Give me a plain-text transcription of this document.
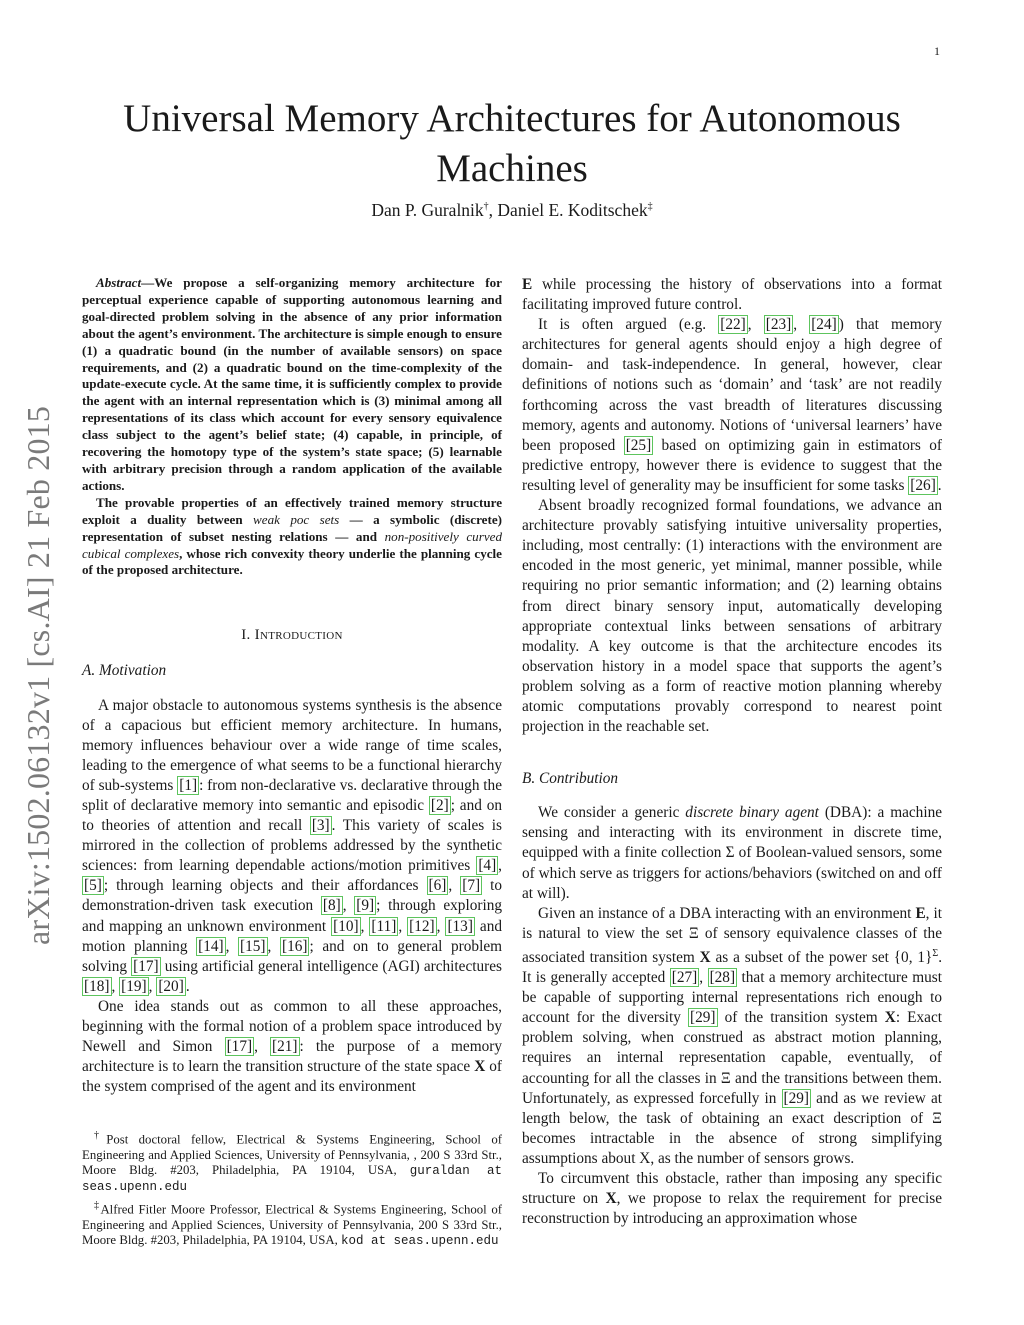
1
arXiv:1502.06132v1 [cs.AI] 21 Feb 2015
Universal Memory Architectures for Autonomous
Machines
Dan P. Guralnik†, Daniel E. Koditschek‡

Abstract—We propose a self-organizing memory architecture for perceptual experience capable of supporting autonomous learning and goal-directed problem solving in the absence of any prior information about the agent’s environment. The architecture is simple enough to ensure (1) a quadratic bound (in the number of available sensors) on space requirements, and (2) a quadratic bound on the time-complexity of the update-execute cycle. At the same time, it is sufficiently complex to provide the agent with an internal representation which is (3) minimal among all representations of its class which account for every sensory equivalence class subject to the agent’s belief state; (4) capable, in principle, of recovering the homotopy type of the system’s state space; (5) learnable with arbitrary precision through a random application of the available actions.

The provable properties of an effectively trained memory structure exploit a duality between weak poc sets — a symbolic (discrete) representation of subset nesting relations — and non-positively curved cubical complexes, whose rich convexity theory underlie the planning cycle of the proposed architecture.

I. Introduction
A. Motivation

A major obstacle to autonomous systems synthesis is the absence of a capacious but efficient memory architecture. In humans, memory influences behaviour over a wide range of time scales, leading to the emergence of what seems to be a functional hierarchy of sub-systems [1] : from non-declarative vs. declarative through the split of declarative memory into semantic and episodic [2] ; and on to theories of attention and recall [3] . This variety of scales is mirrored in the collection of problems addressed by the synthetic sciences: from learning dependable actions/motion primitives [4] , [5] ; through learning objects and their affordances [6] , [7] to demonstration-driven task execution [8] , [9] ; through exploring and mapping an unknown environment [10] , [11] , [12] , [13] and motion planning [14] , [15] , [16] ; and on to general problem solving [17] using artificial general intelligence (AGI) architectures [18] , [19] , [20] .

One idea stands out as common to all these approaches, beginning with the formal notion of a problem space introduced by Newell and Simon [17] , [21] : the purpose of a memory architecture is to learn the transition structure of the state space X of the system comprised of the agent and its environment

†Post doctoral fellow, Electrical & Systems Engineering, School of Engineering and Applied Sciences, University of Pennsylvania, , 200 S 33rd Str., Moore Bldg. #203, Philadelphia, PA 19104, USA, guraldan at seas.upenn.edu

‡Alfred Fitler Moore Professor, Electrical & Systems Engineering, School of Engineering and Applied Sciences, University of Pennsylvania, 200 S 33rd Str., Moore Bldg. #203, Philadelphia, PA 19104, USA, kod at seas.upenn.edu

E while processing the history of observations into a format facilitating improved future control.

It is often argued (e.g. [22] , [23] , [24] ) that memory architectures for general agents should enjoy a high degree of domain- and task-independence. In general, however, clear definitions of notions such as ‘domain’ and ‘task’ are not readily forthcoming across the vast breadth of literatures discussing memory, agents and autonomy. Notions of ‘universal learners’ have been proposed [25] based on optimizing gain in estimators of predictive entropy, however there is evidence to suggest that the resulting level of generality may be insufficient for some tasks [26] .

Absent broadly recognized formal foundations, we advance an architecture provably satisfying intuitive universality properties, including, most centrally: (1) interactions with the environment are encoded in the most generic, yet minimal, manner possible, while requiring no prior semantic information; and (2) learning obtains from direct binary sensory input, automatically developing appropriate contextual links between sensations of arbitrary modality. A key outcome is that the architecture encodes its observation history in a model space that supports the agent’s problem solving as a form of reactive motion planning whereby atomic computations provably correspond to nearest point projection in the reachable set.

B. Contribution

We consider a generic discrete binary agent (DBA): a machine sensing and interacting with its environment in discrete time, equipped with a finite collection Σ of Boolean-valued sensors, some of which serve as triggers for actions/behaviors (switched on and off at will).

Given an instance of a DBA interacting with an environment E, it is natural to view the set Ξ of sensory equivalence classes of the associated transition system X as a subset of the power set {0, 1}$^\Sigma$. It is generally accepted [27] , [28] that a memory architecture must be capable of supporting internal representations rich enough to account for the diversity [29] of the transition system X: Exact problem solving, when construed as abstract motion planning, requires an internal representation capable, eventually, of accounting for all the classes in Ξ and the transitions between them. Unfortunately, as expressed forcefully in [29] and as we review at length below, the task of obtaining an exact description of Ξ becomes intractable in the absence of strong simplifying assumptions about X, as the number of sensors grows.

To circumvent this obstacle, rather than imposing any specific structure on X, we propose to relax the requirement for precise reconstruction by introducing an approximation whose
